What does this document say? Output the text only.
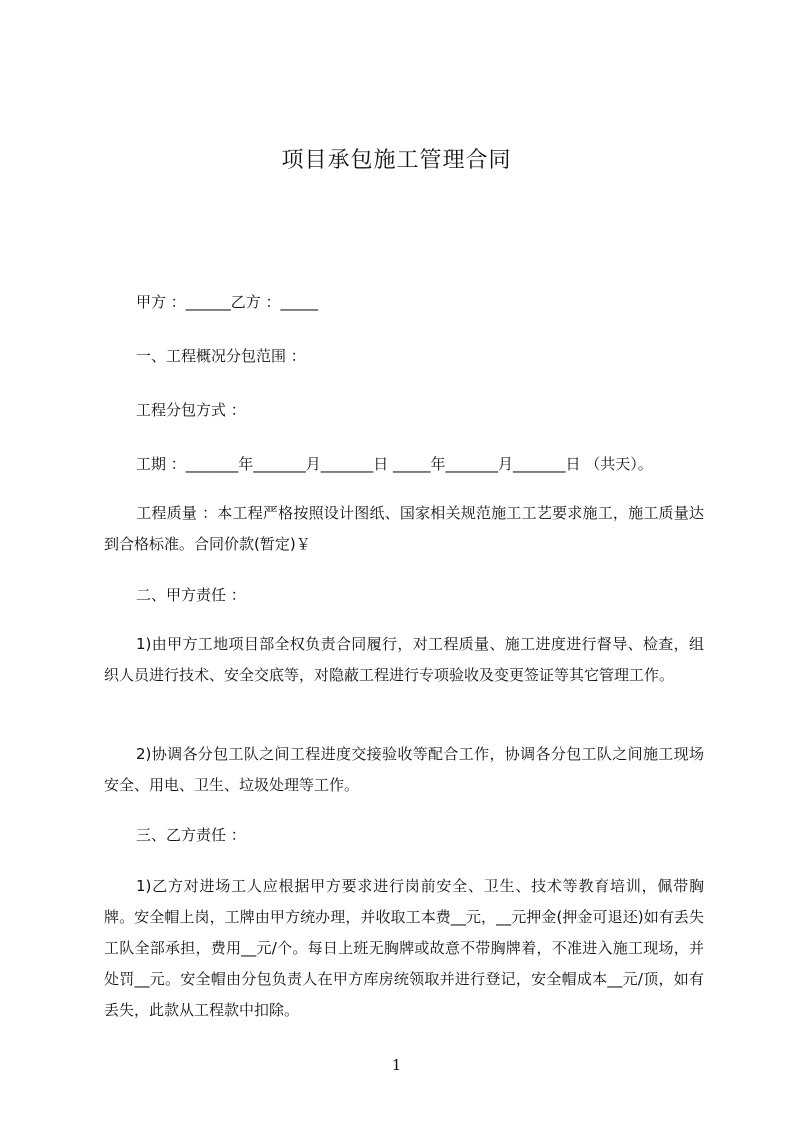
项目承包施工管理合同
甲方 ：______乙方 ：_____
一、工程概况分包范围 ：
工程分包方式 ：
工期 ：_______年_______月_______日 _____年_______月_______日 （共天）。
工程质量 ：本工程严格按照设计图纸、国家相关规范施工工艺要求施工，施工质量达到合格标准。合同价款(暂定)￥
二、甲方责任 ：
1)由甲方工地项目部全权负责合同履行，对工程质量、施工进度进行督导、检查，组织人员进行技术、安全交底等，对隐蔽工程进行专项验收及变更签证等其它管理工作。
2)协调各分包工队之间工程进度交接验收等配合工作，协调各分包工队之间施工现场安全、用电、卫生、垃圾处理等工作。
三、乙方责任 ：
1)乙方对进场工人应根据甲方要求进行岗前安全、卫生、技术等教育培训，佩带胸牌。安全帽上岗，工牌由甲方统办理，并收取工本费__元，__元押金(押金可退还)如有丢失工队全部承担，费用__元/个。每日上班无胸牌或故意不带胸牌着，不准进入施工现场，并处罚__元。安全帽由分包负责人在甲方库房统领取并进行登记，安全帽成本__元/顶，如有丢失，此款从工程款中扣除。
1
